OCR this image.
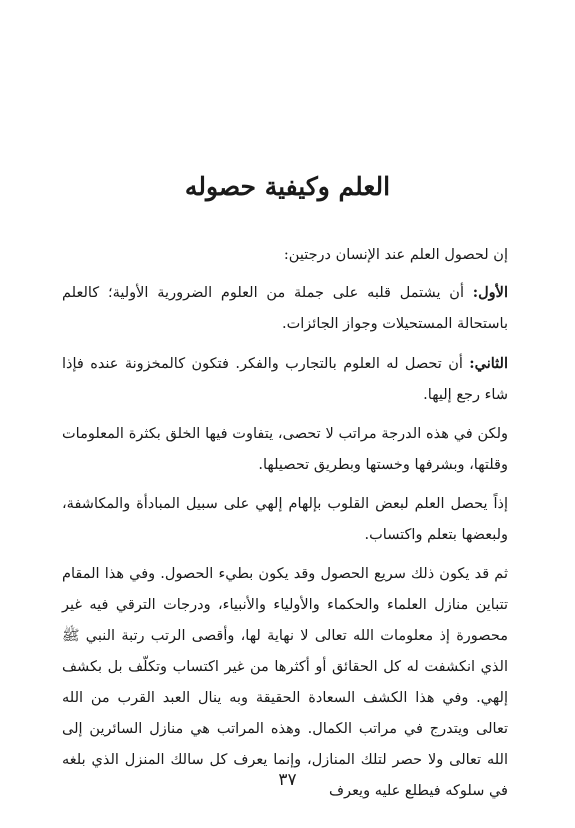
العلم وكيفية حصوله

إن لحصول العلم عند الإنسان درجتين:

الأول: أن يشتمل قلبه على جملة من العلوم الضرورية الأولية؛ كالعلم باستحالة المستحيلات وجواز الجائزات.

الثاني: أن تحصل له العلوم بالتجارب والفكر. فتكون كالمخزونة عنده فإذا شاء رجع إليها.

ولكن في هذه الدرجة مراتب لا تحصى، يتفاوت فيها الخلق بكثرة المعلومات وقلتها، وبشرفها وخستها وبطريق تحصيلها.

إذاً يحصل العلم لبعض القلوب بإلهام إلهي على سبيل المبادأة والمكاشفة، ولبعضها بتعلم واكتساب.

ثم قد يكون ذلك سريع الحصول وقد يكون بطيء الحصول. وفي هذا المقام تتباين منازل العلماء والحكماء والأولياء والأنبياء، ودرجات الترقي فيه غير محصورة إذ معلومات الله تعالى لا نهاية لها، وأقصى الرتب رتبة النبي ﷺ الذي انكشفت له كل الحقائق أو أكثرها من غير اكتساب وتكلّف بل بكشف إلهي. وفي هذا الكشف السعادة الحقيقة وبه ينال العبد القرب من الله تعالى ويتدرج في مراتب الكمال. وهذه المراتب هي منازل السائرين إلى الله تعالى ولا حصر لتلك المنازل، وإنما يعرف كل سالك المنزل الذي بلغه في سلوكه فيطلع عليه ويعرف

٣٧
